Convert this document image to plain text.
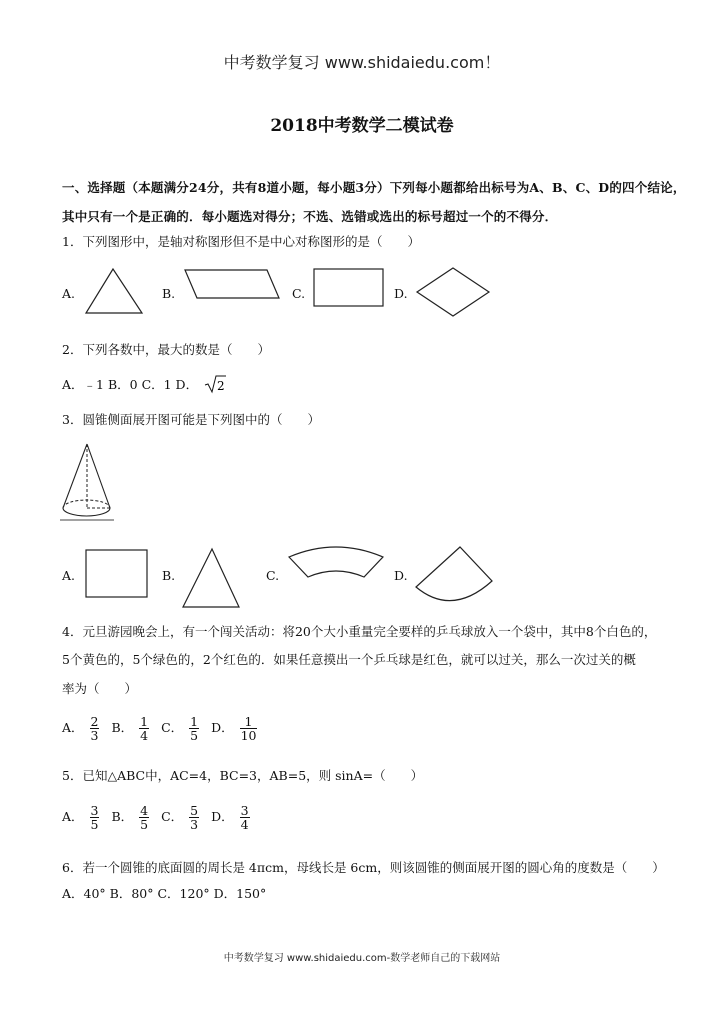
中考数学复习 www.shidaiedu.com！
2018中考数学二模试卷
一、选择题（本题满分24分，共有8道小题，每小题3分）下列每小题都给出标号为A、B、C、D的四个结论，
其中只有一个是正确的．每小题选对得分；不选、选错或选出的标号超过一个的不得分．
1．下列图形中，是轴对称图形但不是中心对称图形的是（　　）
A.	B.	C.	D.
2．下列各数中，最大的数是（　　）
A．﹣1 B．0 C．1 D． 2
3．圆锥侧面展开图可能是下列图中的（　　）
A.	B.	C.	D.
4．元旦游园晚会上，有一个闯关活动：将20个大小重量完全要样的乒乓球放入一个袋中，其中8个白色的，
5个黄色的，5个绿色的，2个红色的．如果任意摸出一个乒乓球是红色，就可以过关，那么一次过关的概
率为（　　）
A． $\frac{2}{3}$ B． $\frac{1}{4}$ C． $\frac{1}{5}$ D． $\frac{1}{10}$
5．已知△ABC中，AC=4，BC=3，AB=5，则 sinA=（　　）
A． $\frac{3}{5}$ B． $\frac{4}{5}$ C． $\frac{5}{3}$ D． $\frac{3}{4}$
6．若一个圆锥的底面圆的周长是 4πcm，母线长是 6cm，则该圆锥的侧面展开图的圆心角的度数是（　　）
A．40° B．80° C．120° D．150°
中考数学复习 www.shidaiedu.com-数学老师自己的下载网站
